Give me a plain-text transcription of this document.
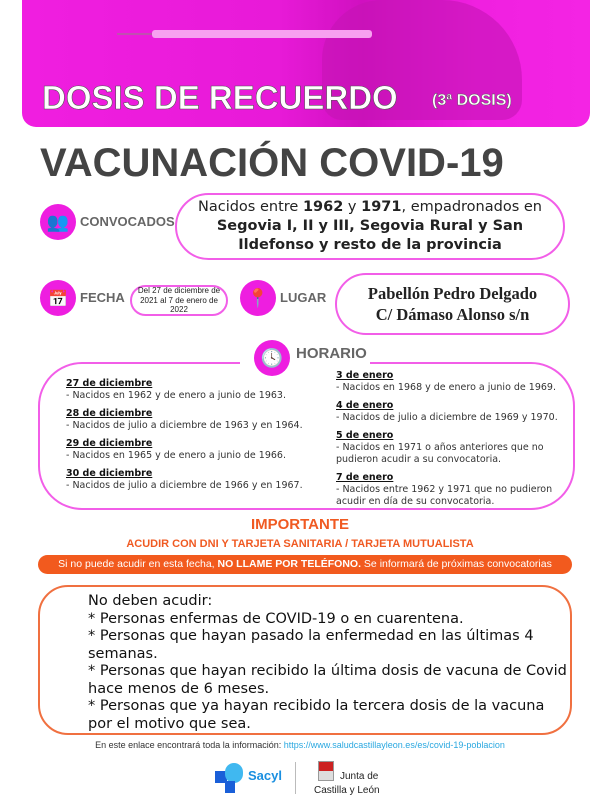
DOSIS DE RECUERDO (3ª DOSIS)
VACUNACIÓN COVID-19
👥 CONVOCADOS
Nacidos entre 1962 y 1971, empadronados en
Segovia I, II y III, Segovia Rural y San Ildefonso y resto de la provincia
📅 FECHA	Del 27 de diciembre de 2021 al 7 de enero de 2022
📍 LUGAR	Pabellón Pedro Delgado
C/ Dámaso Alonso s/n
🕓 HORARIO
27 de diciembre
- Nacidos en 1962 y de enero a junio de 1963.
28 de diciembre
- Nacidos de julio a diciembre de 1963 y en 1964.
29 de diciembre
- Nacidos en 1965 y de enero a junio de 1966.
30 de diciembre
- Nacidos de julio a diciembre de 1966 y en 1967.
3 de enero
- Nacidos en 1968 y de enero a junio de 1969.
4 de enero
- Nacidos de julio a diciembre de 1969 y 1970.
5 de enero
- Nacidos en 1971 o años anteriores que no pudieron acudir a su convocatoria.
7 de enero
- Nacidos entre 1962 y 1971 que no pudieron acudir en día de su convocatoria.
IMPORTANTE
ACUDIR CON DNI Y TARJETA SANITARIA / TARJETA MUTUALISTA
Si no puede acudir en esta fecha, NO LLAME POR TELÉFONO. Se informará de próximas convocatorias
No deben acudir:
* Personas enfermas de COVID-19 o en cuarentena.
* Personas que hayan pasado la enfermedad en las últimas 4 semanas.
* Personas que hayan recibido la última dosis de vacuna de Covid hace menos de 6 meses.
* Personas que ya hayan recibido la tercera dosis de la vacuna por el motivo que sea.
En este enlace encontrará toda la información: https://www.saludcastillayleon.es/es/covid-19-poblacion
Sacyl	Junta de
Castilla y León
